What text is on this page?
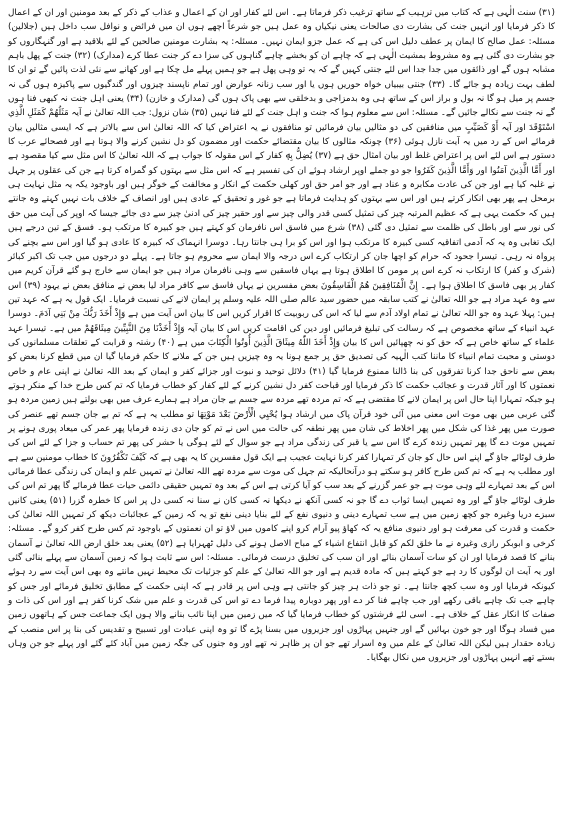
(۳۱) سنت الٰہی ہے کہ کتاب میں ترہیب کے ساتھ ترغیب ذکر فرماتا ہے۔ اس لئے کفار اور ان کے اعمال و عذاب کے ذکر کے بعد مومنین اور ان کے اعمال کا ذکر فرمایا اور انہیں جنت کی بشارت دی صالحات یعنی نیکیاں وہ عمل ہیں جو شرعاً اچھے ہوں ان میں فرائض و نوافل سب داخل ہیں (جلالین) مسئلہ: عمل صالح کا ایمان پر عطف دلیل اس کی ہے کہ عمل جزو ایمان نہیں۔ مسئلہ: یہ بشارت مومنین صالحین کے لئے بلاقید ہے اور گنہگاروں کو جو بشارت دی گئی ہے وہ مشروط بمشیت الٰہی ہے کہ چاہے ان کو بخشے چاہے گناہوں کی سزا دے کر جنت عطا کرے (مدارک) (۳۲) جنت کے پھل باہم مشابہ ہوں گے اور ذائقوں میں جدا جدا اس لئے جنتی کہیں گے کہ یہ تو وہی پھل ہے جو ہمیں پہلے مل چکا ہے اور کھانے سے نئی لذت پائیں گے تو ان کا لطف بہت زیادہ ہو جائے گا۔ (۳۳) جنتی بیبیاں خواہ حوریں ہوں یا اور سب زنانہ عوارض اور تمام ناپسند چیزوں اور گندگیوں سے پاکیزہ ہوں گی نہ جسم پر میل ہو گا نہ بول و براز اس کے ساتھ ہی وہ بدمزاجی و بدخلقی سے بھی پاک ہوں گی (مدارک و خازن) (۳۴) یعنی اہل جنت نہ کبھی فنا ہوں گے نہ جنت سے نکالے جائیں گے۔ مسئلہ: اس سے معلوم ہوا کہ جنت و اہل جنت کے لئے فنا نہیں (۳۵) شان نزول: جب اللہ تعالیٰ نے آیہ مَثَلُهُمْ كَمَثَلِ الَّذِي اسْتَوْقَدَ اور آیہ أَوْ كَصَيِّبٍ میں منافقین کی دو مثالیں بیان فرمائیں تو منافقوں نے یہ اعتراض کیا کہ اللہ تعالیٰ اس سے بالاتر ہے کہ ایسی مثالیں بیان فرمائے اس کے رد میں یہ آیت نازل ہوئی (۳۶) چونکہ مثالوں کا بیان مقتضائے حکمت اور مضمون کو دل نشین کرنے والا ہوتا ہے اور فصحائے عرب کا دستور ہے اس لئے اس پر اعتراض غلط اور بیان امثال حق ہے (۳۷) يُضِلُّ بِهٖ کفار کے اس مقولہ کا جواب ہے کہ اللہ تعالیٰ کا اس مثل سے کیا مقصود ہے اور أَمَّا الَّذِينَ آمَنُوا اور وَأَمَّا الَّذِينَ كَفَرُوا جو دو جملے اوپر ارشاد ہوئے ان کی تفسیر ہے کہ اس مثل سے بہتوں کو گمراہ کرتا ہے جن کی عقلوں پر جہل نے غلبہ کیا ہے اور جن کی عادت مکابرہ و عناد ہے اور جو امر حق اور کھلی حکمت کے انکار و مخالفت کے خوگر ہیں اور باوجود یکہ یہ مثل نہایت ہی برمحل ہے پھر بھی انکار کرتے ہیں اور اس سے بہتوں کو ہدایت فرماتا ہے جو غور و تحقیق کے عادی ہیں اور انصاف کے خلاف بات نہیں کہتے وہ جانتے ہیں کہ حکمت یہی ہے کہ عظیم المرتبہ چیز کی تمثیل کسی قدر والی چیز سے اور حقیر چیز کی ادنیٰ چیز سے دی جائے جیسا کہ اوپر کی آیت میں حق کی نور سے اور باطل کی ظلمت سے تمثیل دی گئی (۳۸) شرع میں فاسق اس نافرمان کو کہتے ہیں جو کبیرہ کا مرتکب ہو۔ فسق کے تین درجے ہیں ایک تغابی وہ یہ کہ آدمی اتفاقیہ کسی کبیرہ کا مرتکب ہوا اور اس کو برا ہی جانتا رہا۔ دوسرا انہماک کہ کبیرہ کا عادی ہو گیا اور اس سے بچنے کی پرواہ نہ رہی۔ تیسرا جحود کہ حرام کو اچھا جان کر ارتکاب کرے اس درجہ والا ایمان سے محروم ہو جاتا ہے۔ پہلے دو درجوں میں جب تک اکبر کبائر (شرک و کفر) کا ارتکاب نہ کرے اس پر مومن کا اطلاق ہوتا ہے یہاں فاسقین سے وہی نافرمان مراد ہیں جو ایمان سے خارج ہو گئے قرآن کریم میں کفار پر بھی فاسق کا اطلاق ہوا ہے۔ إِنَّ الْمُنَافِقِينَ هُمُ الْفَاسِقُونَ بعض مفسرین نے یہاں فاسق سے کافر مراد لیا بعض نے منافق بعض نے یہود (۳۹) اس سے وہ عہد مراد ہے جو اللہ تعالیٰ نے کتب سابقہ میں حضور سید عالم صلی اللہ علیہ وسلم پر ایمان لانے کی نسبت فرمایا۔ ایک قول یہ ہے کہ عہد تین ہیں: پہلا عہد وہ جو اللہ تعالیٰ نے تمام اولاد آدم سے لیا کہ اس کی ربوبیت کا اقرار کریں اس کا بیان اس آیت میں ہے وَإِذْ أَخَذَ رَبُّكَ مِنْ بَنِي آدَمَ۔ دوسرا عہد انبیاء کے ساتھ مخصوص ہے کہ رسالت کی تبلیغ فرمائیں اور دین کی اقامت کریں اس کا بیان آیہ وَإِذْ أَخَذْنَا مِنَ النَّبِيِّينَ مِيثَاقَهُمْ میں ہے۔ تیسرا عہد علماء کے ساتھ خاص ہے کہ حق کو نہ چھپائیں اس کا بیان وَإِذْ أَخَذَ اللّٰهُ مِيثَاقَ الَّذِينَ أُوتُوا الْكِتَابَ میں ہے (۴۰) رشتہ و قرابت کے تعلقات مسلمانوں کی دوستی و محبت تمام انبیاء کا ماننا کتب الٰہیہ کی تصدیق حق پر جمع ہونا یہ وہ چیزیں ہیں جن کے ملانے کا حکم فرمایا گیا ان میں قطع کرنا بعض کو بعض سے ناحق جدا کرنا تفرقوں کی بنا ڈالنا ممنوع فرمایا گیا (۴۱) دلائل توحید و نبوت اور جزائے کفر و ایمان کے بعد اللہ تعالیٰ نے اپنی عام و خاص نعمتوں کا اور آثار قدرت و عجائب حکمت کا ذکر فرمایا اور قباحت کفر دل نشین کرنے کے لئے کفار کو خطاب فرمایا کہ تم کس طرح خدا کے منکر ہوتے ہو جبکہ تمہارا اپنا حال اس پر ایمان لانے کا مقتضی ہے کہ تم مردہ تھے مردہ سے جسم بے جان مراد ہے ہمارے عرف میں بھی بولتے ہیں زمین مردہ ہو گئی عربی میں بھی موت اس معنی میں آئی خود قرآن پاک میں ارشاد ہوا يُحْيِي الْأَرْضَ بَعْدَ مَوْتِهَا تو مطلب یہ ہے کہ تم بے جان جسم تھے عنصر کی صورت میں پھر غذا کی شکل میں پھر اخلاط کی شان میں پھر نطفہ کی حالت میں اس نے تم کو جان دی زندہ فرمایا پھر عمر کی میعاد پوری ہونے پر تمہیں موت دے گا پھر تمہیں زندہ کرے گا اس سے یا قبر کی زندگی مراد ہے جو سوال کے لئے ہوگی یا حشر کی پھر تم حساب و جزا کے لئے اس کی طرف لوٹائے جاؤ گے اپنے اس حال کو جان کر تمہارا کفر کرنا نہایت عجیب ہے ایک قول مفسرین کا یہ بھی ہے کہ كَيْفَ تَكْفُرُونَ کا خطاب مومنین سے ہے اور مطلب یہ ہے کہ تم کس طرح کافر ہو سکتے ہو درآنحالیکہ تم جہل کی موت سے مردہ تھے اللہ تعالیٰ نے تمہیں علم و ایمان کی زندگی عطا فرمائی اس کے بعد تمہارے لئے وہی موت ہے جو عمر گزرنے کے بعد سب کو آیا کرتی ہے اس کے بعد وہ تمہیں حقیقی دائمی حیات عطا فرمائے گا پھر تم اس کی طرف لوٹائے جاؤ گے اور وہ تمہیں ایسا ثواب دے گا جو نہ کسی آنکھ نے دیکھا نہ کسی کان نے سنا نہ کسی دل پر اس کا خطرہ گزرا (۵۱) یعنی کانیں سبزے دریا وغیرہ جو کچھ زمین میں ہے سب تمہارے دینی و دنیوی نفع کے لئے بنایا دینی نفع تو یہ کہ زمین کے عجائبات دیکھ کر تمہیں اللہ تعالیٰ کی حکمت و قدرت کی معرفت ہو اور دنیوی منافع یہ کہ کھاؤ پیو آرام کرو اپنے کاموں میں لاؤ تو ان نعمتوں کے باوجود تم کس طرح کفر کرو گے۔ مسئلہ: کرخی و ابوبکر رازی وغیرہ نے ما خلق لکم کو قابل انتفاع اشیاء کے مباح الاصل ہونے کی دلیل ٹھہرایا ہے (۵۲) یعنی بعد خلق ارض اللہ تعالیٰ نے آسمان بنانے کا قصد فرمایا اور ان کو سات آسمان بنائے اور ان سب کی تخلیق درست فرمائی۔ مسئلہ: اس سے ثابت ہوا کہ زمین آسمان سے پہلے بنائی گئی اور یہ آیت ان لوگوں کا رد ہے جو کہتے ہیں کہ مادہ قدیم ہے اور جو اللہ تعالیٰ کے علم کو جزئیات تک محیط نہیں مانتے وہ بھی اس آیت سے رد ہوئے کیونکہ فرمایا اور وہ سب کچھ جانتا ہے۔ تو جو ذات ہر چیز کو جانتی ہے وہی اس پر قادر ہے کہ اپنی حکمت کے مطابق تخلیق فرمائے اور جس کو چاہے جب تک چاہے باقی رکھے اور جب چاہے فنا کر دے اور پھر دوبارہ پیدا فرما دے تو اس کی قدرت و علم میں شک کرنا کفر ہے اور اس کی ذات و صفات کا انکار عقل کے خلاف ہے۔ اسی لئے فرشتوں کو خطاب فرمایا گیا کہ میں زمین میں اپنا نائب بنانے والا ہوں ایک جماعت جس کے ہاتھوں زمین میں فساد ہوگا اور جو خون بہائیں گے اور جنہیں پہاڑوں اور جزیروں میں بسنا پڑے گا تو وہ اپنی عبادت اور تسبیح و تقدیس کی بنا پر اس منصب کے زیادہ حقدار ہیں لیکن اللہ تعالیٰ کے علم میں وہ اسرار تھے جو ان پر ظاہر نہ تھے اور وہ جنوں کی جگہ زمین میں آباد کئے گئے اور پہلے جو جن وہاں بستے تھے انہیں پہاڑوں اور جزیروں میں نکال بھگایا۔
